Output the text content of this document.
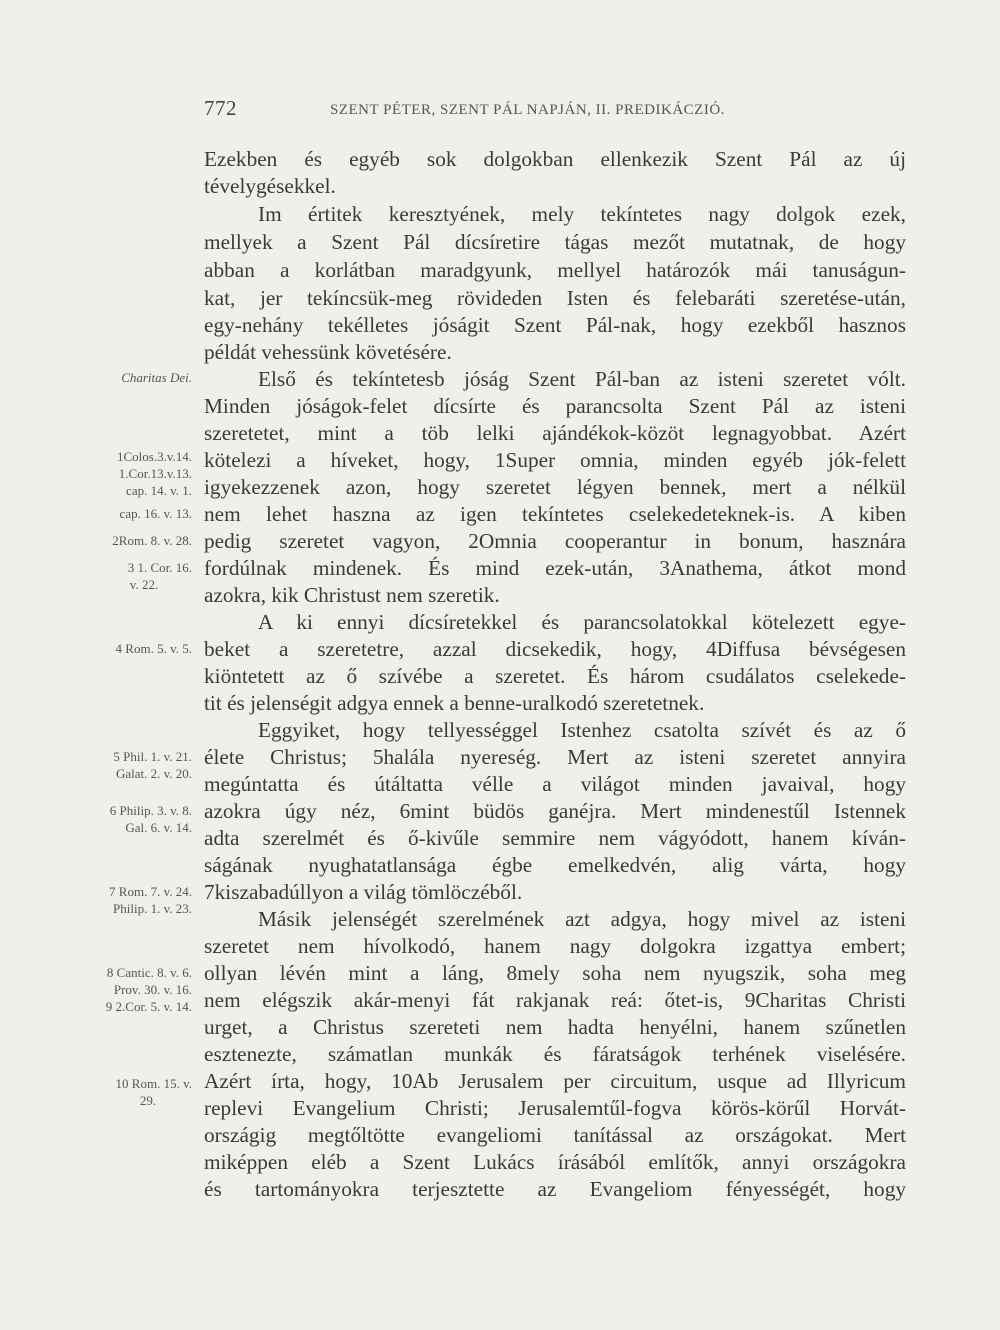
772	SZENT PÉTER, SZENT PÁL NAPJÁN, II. PREDIKÁCZIÓ.
Ezekben és egyéb sok dolgokban ellenkezik Szent Pál az új
tévelygésekkel.
Im értitek keresztyének, mely tekíntetes nagy dolgok ezek,
mellyek a Szent Pál dícsíretire tágas mezőt mutatnak, de hogy
abban a korlátban maradgyunk, mellyel határozók mái tanuságun-
kat, jer tekíncsük-meg rövideden Isten és felebaráti szeretése-után,
egy-nehány tekélletes jóságit Szent Pál-nak, hogy ezekből hasznos
példát vehessünk követésére.
Első és tekíntetesb jóság Szent Pál-ban az isteni szeretet vólt.
Minden jóságok-felet dícsírte és parancsolta Szent Pál az isteni
szeretetet, mint a töb lelki ajándékok-közöt legnagyobbat. Azért
kötelezi a híveket, hogy, 1Super omnia, minden egyéb jók-felett
igyekezzenek azon, hogy szeretet légyen bennek, mert a nélkül
nem lehet haszna az igen tekíntetes cselekedeteknek-is. A kiben
pedig szeretet vagyon, 2Omnia cooperantur in bonum, hasznára
fordúlnak mindenek. És mind ezek-után, 3Anathema, átkot mond
azokra, kik Christust nem szeretik.
A ki ennyi dícsíretekkel és parancsolatokkal kötelezett egye-
beket a szeretetre, azzal dicsekedik, hogy, 4Diffusa bévségesen
kiöntetett az ő szívébe a szeretet. És három csudálatos cselekede-
tit és jelenségit adgya ennek a benne-uralkodó szeretetnek.
Eggyiket, hogy tellyességgel Istenhez csatolta szívét és az ő
élete Christus; 5halála nyereség. Mert az isteni szeretet annyira
megúntatta és útáltatta vélle a világot minden javaival, hogy
azokra úgy néz, 6mint büdös ganéjra. Mert mindenestűl Istennek
adta szerelmét és ő-kivűle semmire nem vágyódott, hanem kíván-
ságának nyughatatlansága égbe emelkedvén, alig várta, hogy
7kiszabadúllyon a világ tömlöczéből.
Másik jelenségét szerelmének azt adgya, hogy mivel az isteni
szeretet nem hívolkodó, hanem nagy dolgokra izgattya embert;
ollyan lévén mint a láng, 8mely soha nem nyugszik, soha meg
nem elégszik akár-menyi fát rakjanak reá: őtet-is, 9Charitas Christi
urget, a Christus szereteti nem hadta henyélni, hanem szűnetlen
esztenezte, számatlan munkák és fáratságok terhének viselésére.
Azért írta, hogy, 10Ab Jerusalem per circuitum, usque ad Illyricum
replevi Evangelium Christi; Jerusalemtűl-fogva körös-körűl Horvát-
országig megtőltötte evangeliomi tanítással az országokat. Mert
miképpen eléb a Szent Lukács írásából említők, annyi országokra
és tartományokra terjesztette az Evangeliom fényességét, hogy
Charitas Dei.
1Colos.3.v.14.
1.Cor.13.v.13.
cap. 14. v. 1.
cap. 16. v. 13.
2Rom. 8. v. 28.
3 1. Cor. 16.
v. 22.
4 Rom. 5. v. 5.
5 Phil. 1. v. 21.
Galat. 2. v. 20.
6 Philip. 3. v. 8.
Gal. 6. v. 14.
7 Rom. 7. v. 24.
Philip. 1. v. 23.
8 Cantic. 8. v. 6.
Prov. 30. v. 16.
9 2.Cor. 5. v. 14.
10 Rom. 15. v.
29.
